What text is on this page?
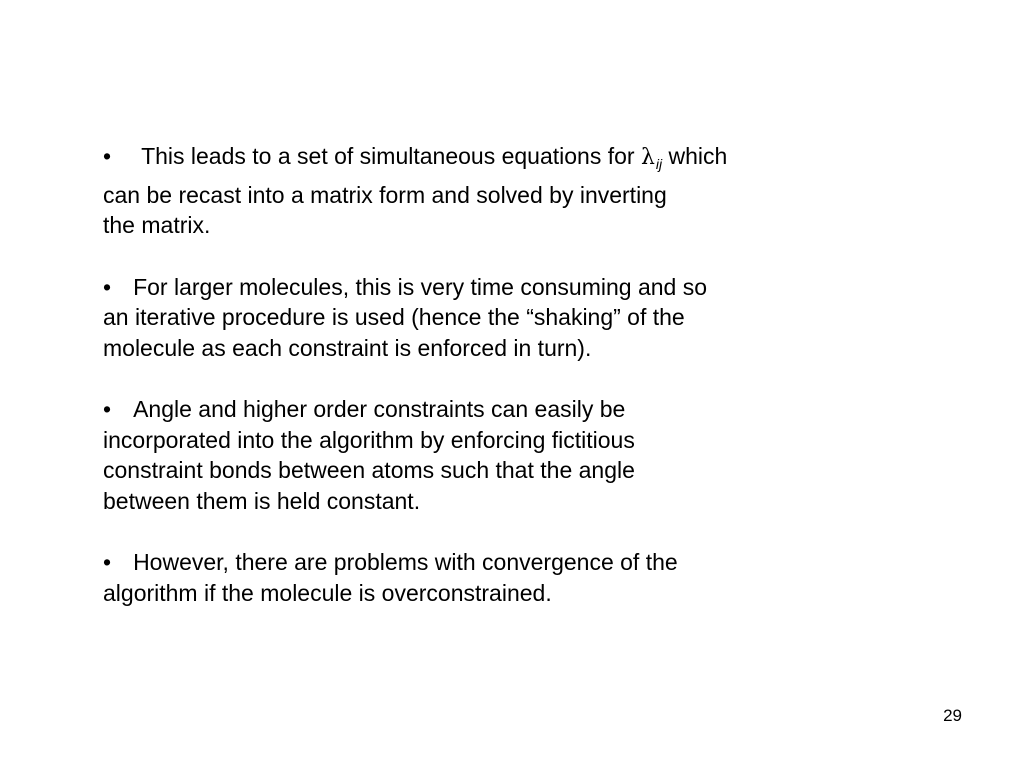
• This leads to a set of simultaneous equations for $\lambda_{ij}$ which
can be recast into a matrix form and solved by inverting
the matrix.

• For larger molecules, this is very time consuming and so
an iterative procedure is used (hence the “shaking” of the
molecule as each constraint is enforced in turn).

• Angle and higher order constraints can easily be
incorporated into the algorithm by enforcing fictitious
constraint bonds between atoms such that the angle
between them is held constant.

• However, there are problems with convergence of the
algorithm if the molecule is overconstrained.

29
